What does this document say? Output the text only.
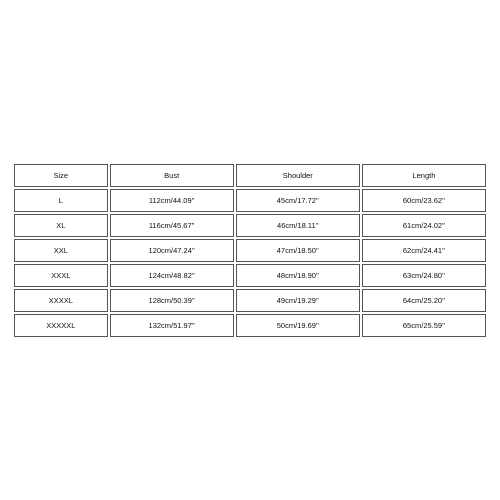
Size	Bust	Shoulder	Length
L	112cm/44.09''	45cm/17.72''	60cm/23.62''
XL	116cm/45.67''	46cm/18.11''	61cm/24.02''
XXL	120cm/47.24''	47cm/18.50''	62cm/24.41''
XXXL	124cm/48.82''	48cm/18.90''	63cm/24.80''
XXXXL	128cm/50.39''	49cm/19.29''	64cm/25.20''
XXXXXL	132cm/51.97''	50cm/19.69''	65cm/25.59''
